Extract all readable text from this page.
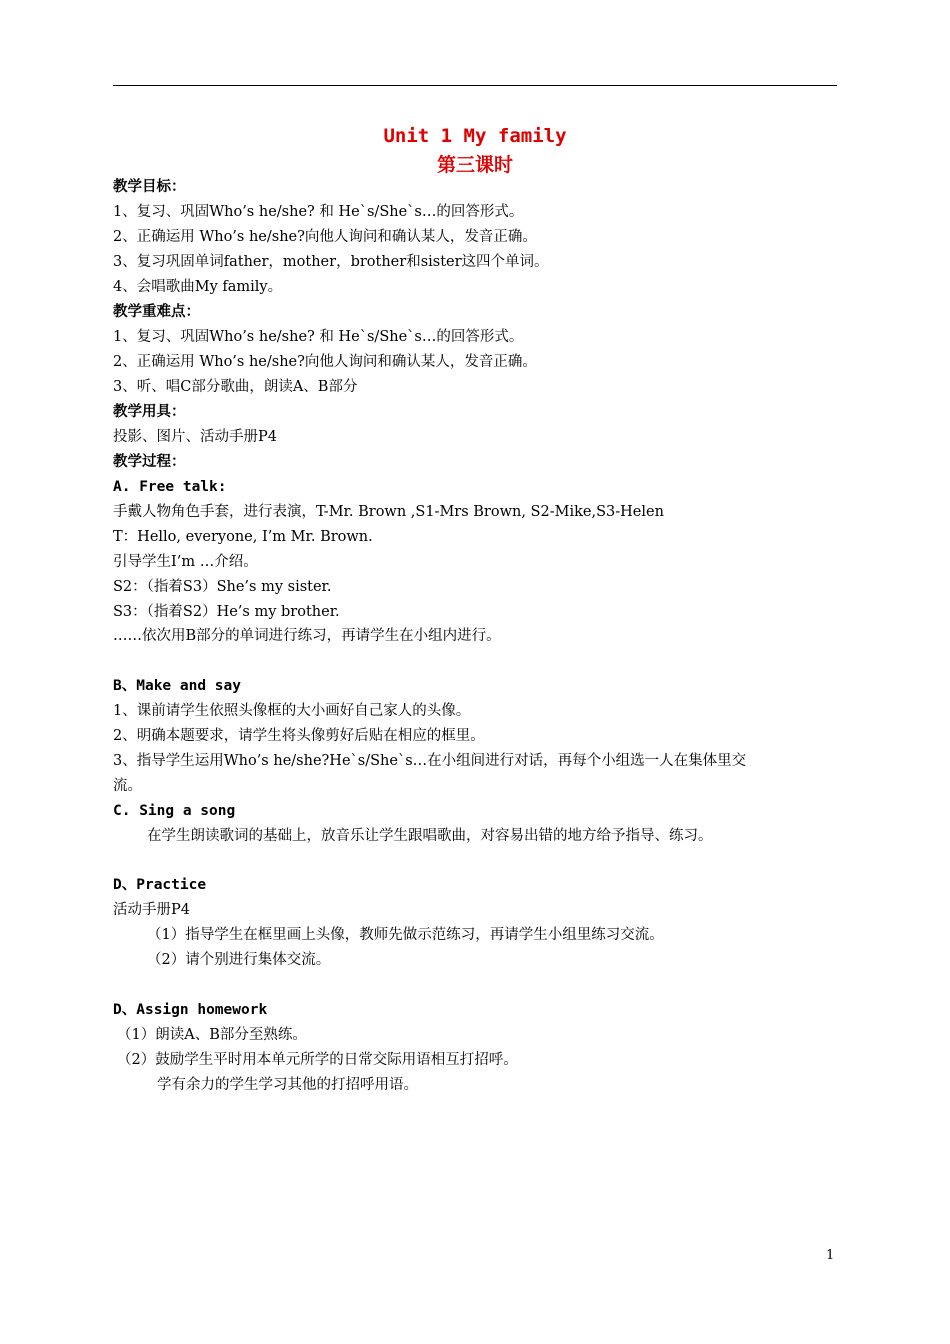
Unit 1 My family
第三课时
教学目标：
1、复习、巩固Who’s he/she? 和 He`s/She`s…的回答形式。
2、正确运用 Who’s he/she?向他人询问和确认某人，发音正确。
3、复习巩固单词father，mother，brother和sister这四个单词。
4、会唱歌曲My family。
教学重难点：
1、复习、巩固Who’s he/she? 和 He`s/She`s…的回答形式。
2、正确运用 Who’s he/she?向他人询问和确认某人，发音正确。
3、听、唱C部分歌曲，朗读A、B部分
教学用具：
投影、图片、活动手册P4
教学过程：
A. Free talk:
手戴人物角色手套，进行表演，T-Mr. Brown ,S1-Mrs Brown, S2-Mike,S3-Helen
T：Hello, everyone, I’m Mr. Brown.
引导学生I’m …介绍。
S2：（指着S3）She’s my sister.
S3：（指着S2）He’s my brother.
……依次用B部分的单词进行练习，再请学生在小组内进行。
B、Make and say
1、课前请学生依照头像框的大小画好自己家人的头像。
2、明确本题要求，请学生将头像剪好后贴在相应的框里。
3、指导学生运用Who’s he/she?He`s/She`s…在小组间进行对话，再每个小组选一人在集体里交
流。
C. Sing a song
在学生朗读歌词的基础上，放音乐让学生跟唱歌曲，对容易出错的地方给予指导、练习。
D、Practice
活动手册P4
（1）指导学生在框里画上头像，教师先做示范练习，再请学生小组里练习交流。
（2）请个别进行集体交流。
D、Assign homework
（1）朗读A、B部分至熟练。
（2）鼓励学生平时用本单元所学的日常交际用语相互打招呼。
学有余力的学生学习其他的打招呼用语。
1
